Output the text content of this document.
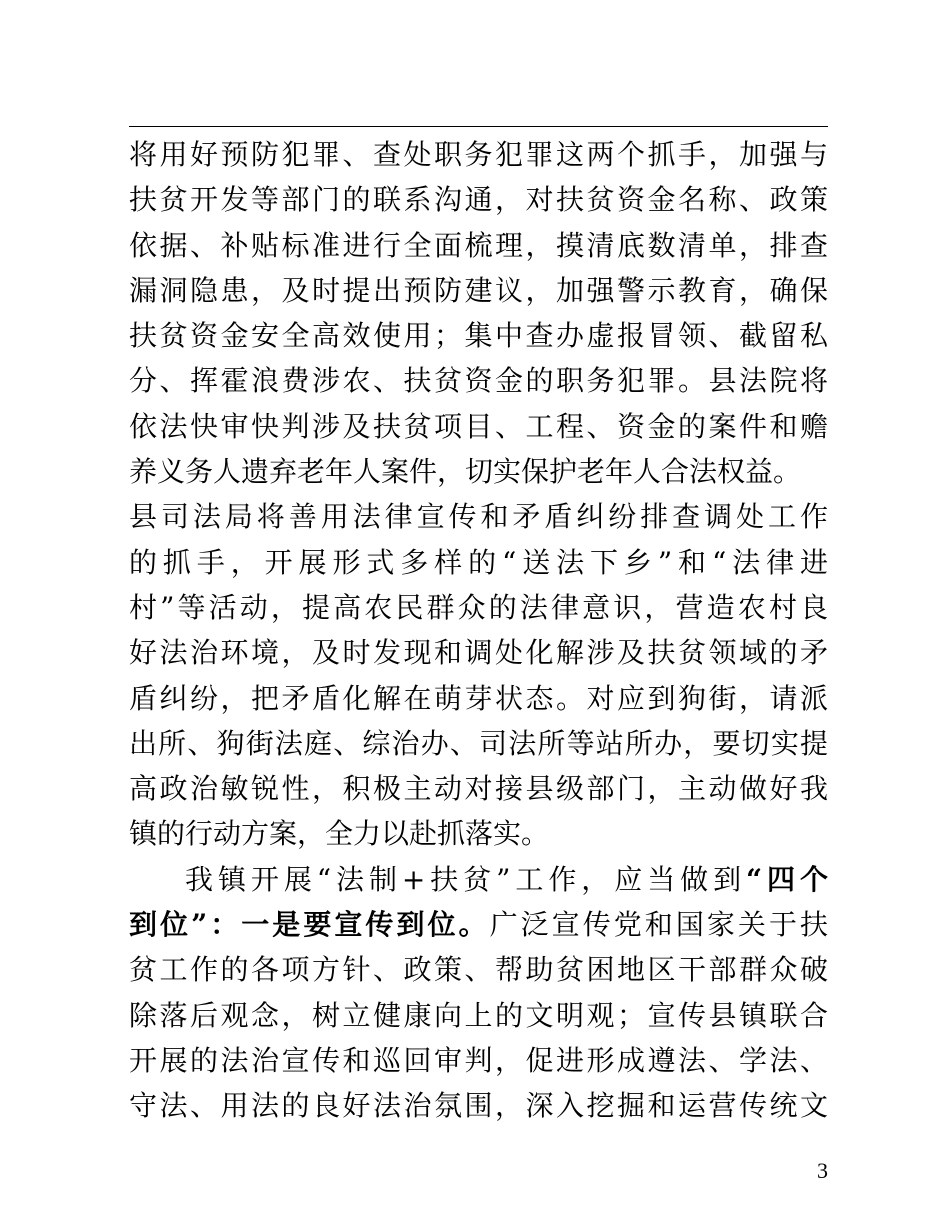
将用好预防犯罪、查处职务犯罪这两个抓手，加强与
扶贫开发等部门的联系沟通，对扶贫资金名称、政策
依据、补贴标准进行全面梳理，摸清底数清单，排查
漏洞隐患，及时提出预防建议，加强警示教育，确保
扶贫资金安全高效使用；集中查办虚报冒领、截留私
分、挥霍浪费涉农、扶贫资金的职务犯罪。县法院将
依法快审快判涉及扶贫项目、工程、资金的案件和赡
养义务人遗弃老年人案件，切实保护老年人合法权益。
县司法局将善用法律宣传和矛盾纠纷排查调处工作
的抓手，开展形式多样的“送法下乡”和“法律进
村”等活动，提高农民群众的法律意识，营造农村良
好法治环境，及时发现和调处化解涉及扶贫领域的矛
盾纠纷，把矛盾化解在萌芽状态。对应到狗街，请派
出所、狗街法庭、综治办、司法所等站所办，要切实提
高政治敏锐性，积极主动对接县级部门，主动做好我
镇的行动方案，全力以赴抓落实。
我镇开展“法制+扶贫”工作，应当做到“四个
到位”：一是要宣传到位。广泛宣传党和国家关于扶
贫工作的各项方针、政策、帮助贫困地区干部群众破
除落后观念，树立健康向上的文明观；宣传县镇联合
开展的法治宣传和巡回审判，促进形成遵法、学法、
守法、用法的良好法治氛围，深入挖掘和运营传统文
3
